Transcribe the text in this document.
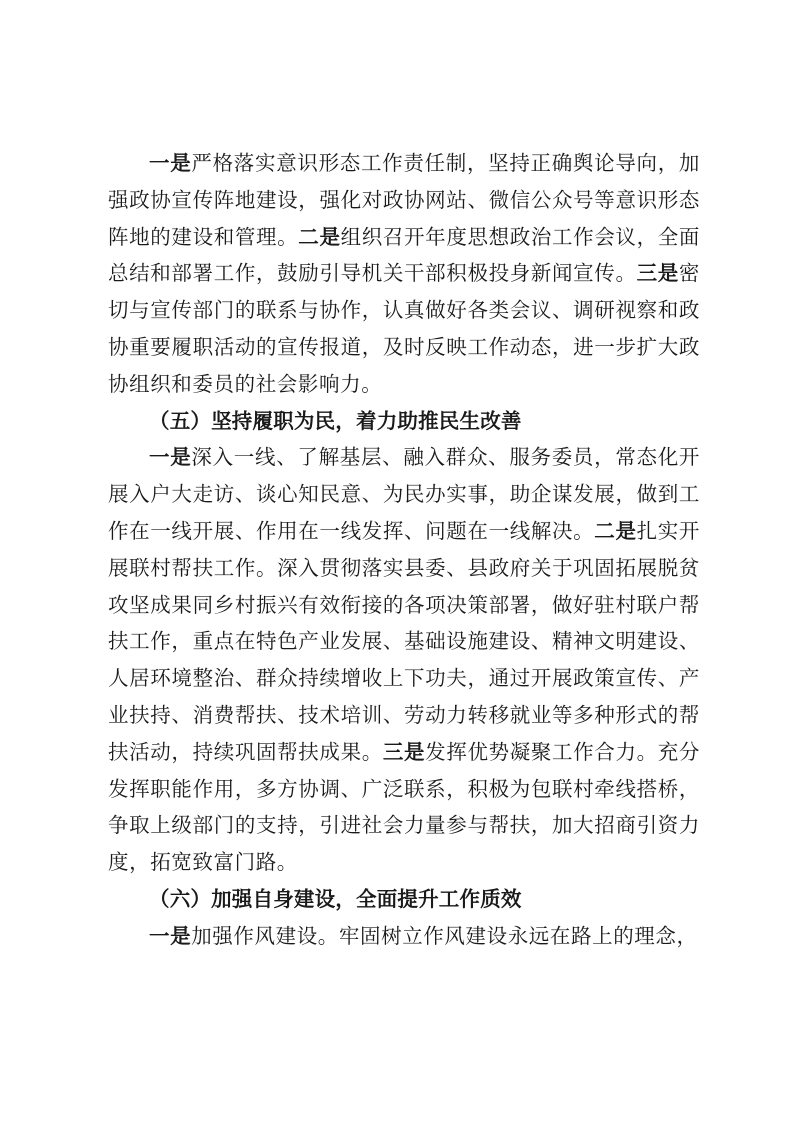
一是严格落实意识形态工作责任制，坚持正确舆论导向，加强政协宣传阵地建设，强化对政协网站、微信公众号等意识形态阵地的建设和管理。二是组织召开年度思想政治工作会议，全面总结和部署工作，鼓励引导机关干部积极投身新闻宣传。三是密切与宣传部门的联系与协作，认真做好各类会议、调研视察和政协重要履职活动的宣传报道，及时反映工作动态，进一步扩大政协组织和委员的社会影响力。

（五）坚持履职为民，着力助推民生改善

一是深入一线、了解基层、融入群众、服务委员，常态化开展入户大走访、谈心知民意、为民办实事，助企谋发展，做到工作在一线开展、作用在一线发挥、问题在一线解决。二是扎实开展联村帮扶工作。深入贯彻落实县委、县政府关于巩固拓展脱贫攻坚成果同乡村振兴有效衔接的各项决策部署，做好驻村联户帮扶工作，重点在特色产业发展、基础设施建设、精神文明建设、人居环境整治、群众持续增收上下功夫，通过开展政策宣传、产业扶持、消费帮扶、技术培训、劳动力转移就业等多种形式的帮扶活动，持续巩固帮扶成果。三是发挥优势凝聚工作合力。充分发挥职能作用，多方协调、广泛联系，积极为包联村牵线搭桥，争取上级部门的支持，引进社会力量参与帮扶，加大招商引资力度，拓宽致富门路。

（六）加强自身建设，全面提升工作质效

一是加强作风建设。牢固树立作风建设永远在路上的理念，
